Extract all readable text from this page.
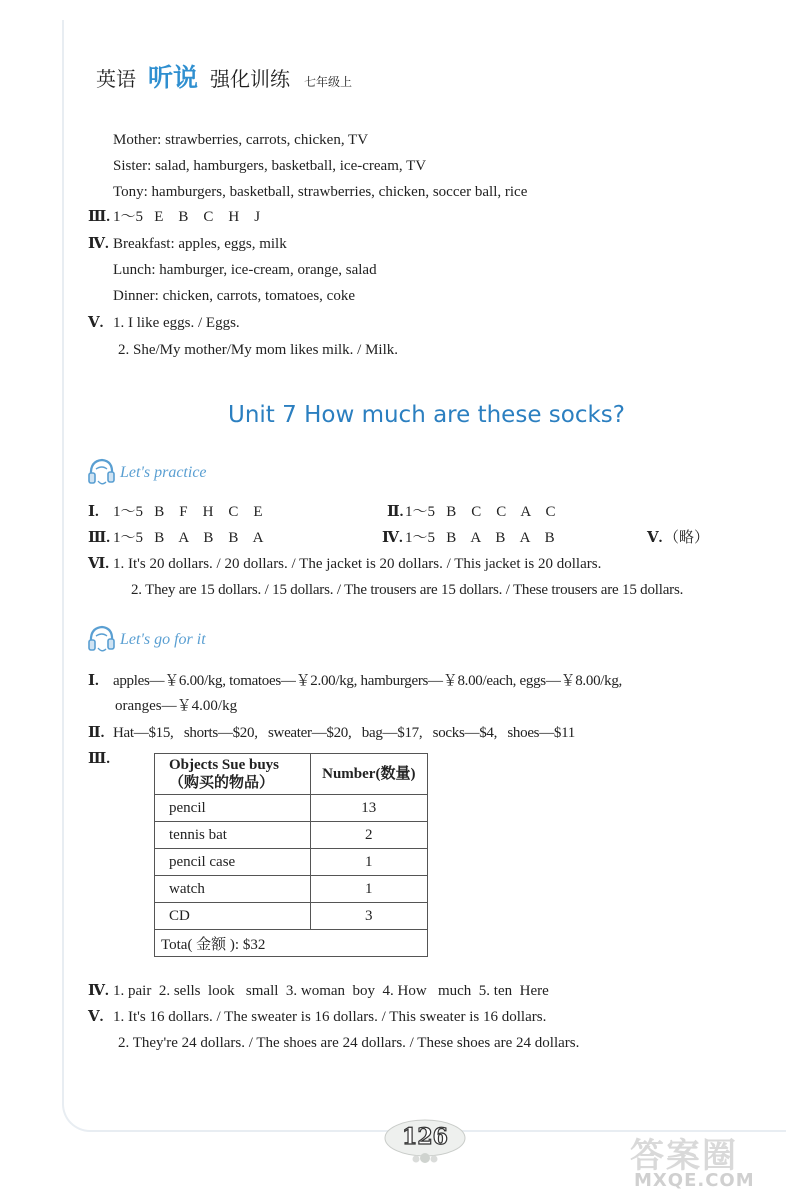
英语 听说 强化训练 七年级上
Mother: strawberries, carrots, chicken, TV
Sister: salad, hamburgers, basketball, ice-cream, TV
Tony: hamburgers, basketball, strawberries, chicken, soccer ball, rice
Ⅲ. 1～5   E    B    C    H    J
Ⅳ. Breakfast: apples, eggs, milk
Lunch: hamburger, ice-cream, orange, salad
Dinner: chicken, carrots, tomatoes, coke
Ⅴ. 1. I like eggs. / Eggs.
2. She/My mother/My mom likes milk. / Milk.
Unit 7 How much are these socks?
Let's practice
Ⅰ. 1～5   B    F    H    C    E	Ⅱ. 1～5   B    C    C    A    C
Ⅲ. 1～5   B    A    B    B    A	Ⅳ. 1～5   B    A    B    A    B	Ⅴ. （略）
Ⅵ. 1. It's 20 dollars. / 20 dollars. / The jacket is 20 dollars. / This jacket is 20 dollars.
2. They are 15 dollars. / 15 dollars. / The trousers are 15 dollars. / These trousers are 15 dollars.
Let's go for it
Ⅰ. apples—￥6.00/kg, tomatoes—￥2.00/kg, hamburgers—￥8.00/each, eggs—￥8.00/kg,
oranges—￥4.00/kg
Ⅱ. Hat—$15,   shorts—$20,   sweater—$20,   bag—$17,   socks—$4,   shoes—$11
Ⅲ.	Objects Sue buys
（购买的物品）	Number(数量)
pencil	13
tennis bat	2
pencil case	1
watch	1
CD	3
Tota( 金额 ): $32	
Ⅳ. 1. pair  2. sells  look   small  3. woman  boy  4. How   much  5. ten  Here
Ⅴ. 1. It's 16 dollars. / The sweater is 16 dollars. / This sweater is 16 dollars.
2. They're 24 dollars. / The shoes are 24 dollars. / These shoes are 24 dollars.
126	答案圈
MXQE.COM
